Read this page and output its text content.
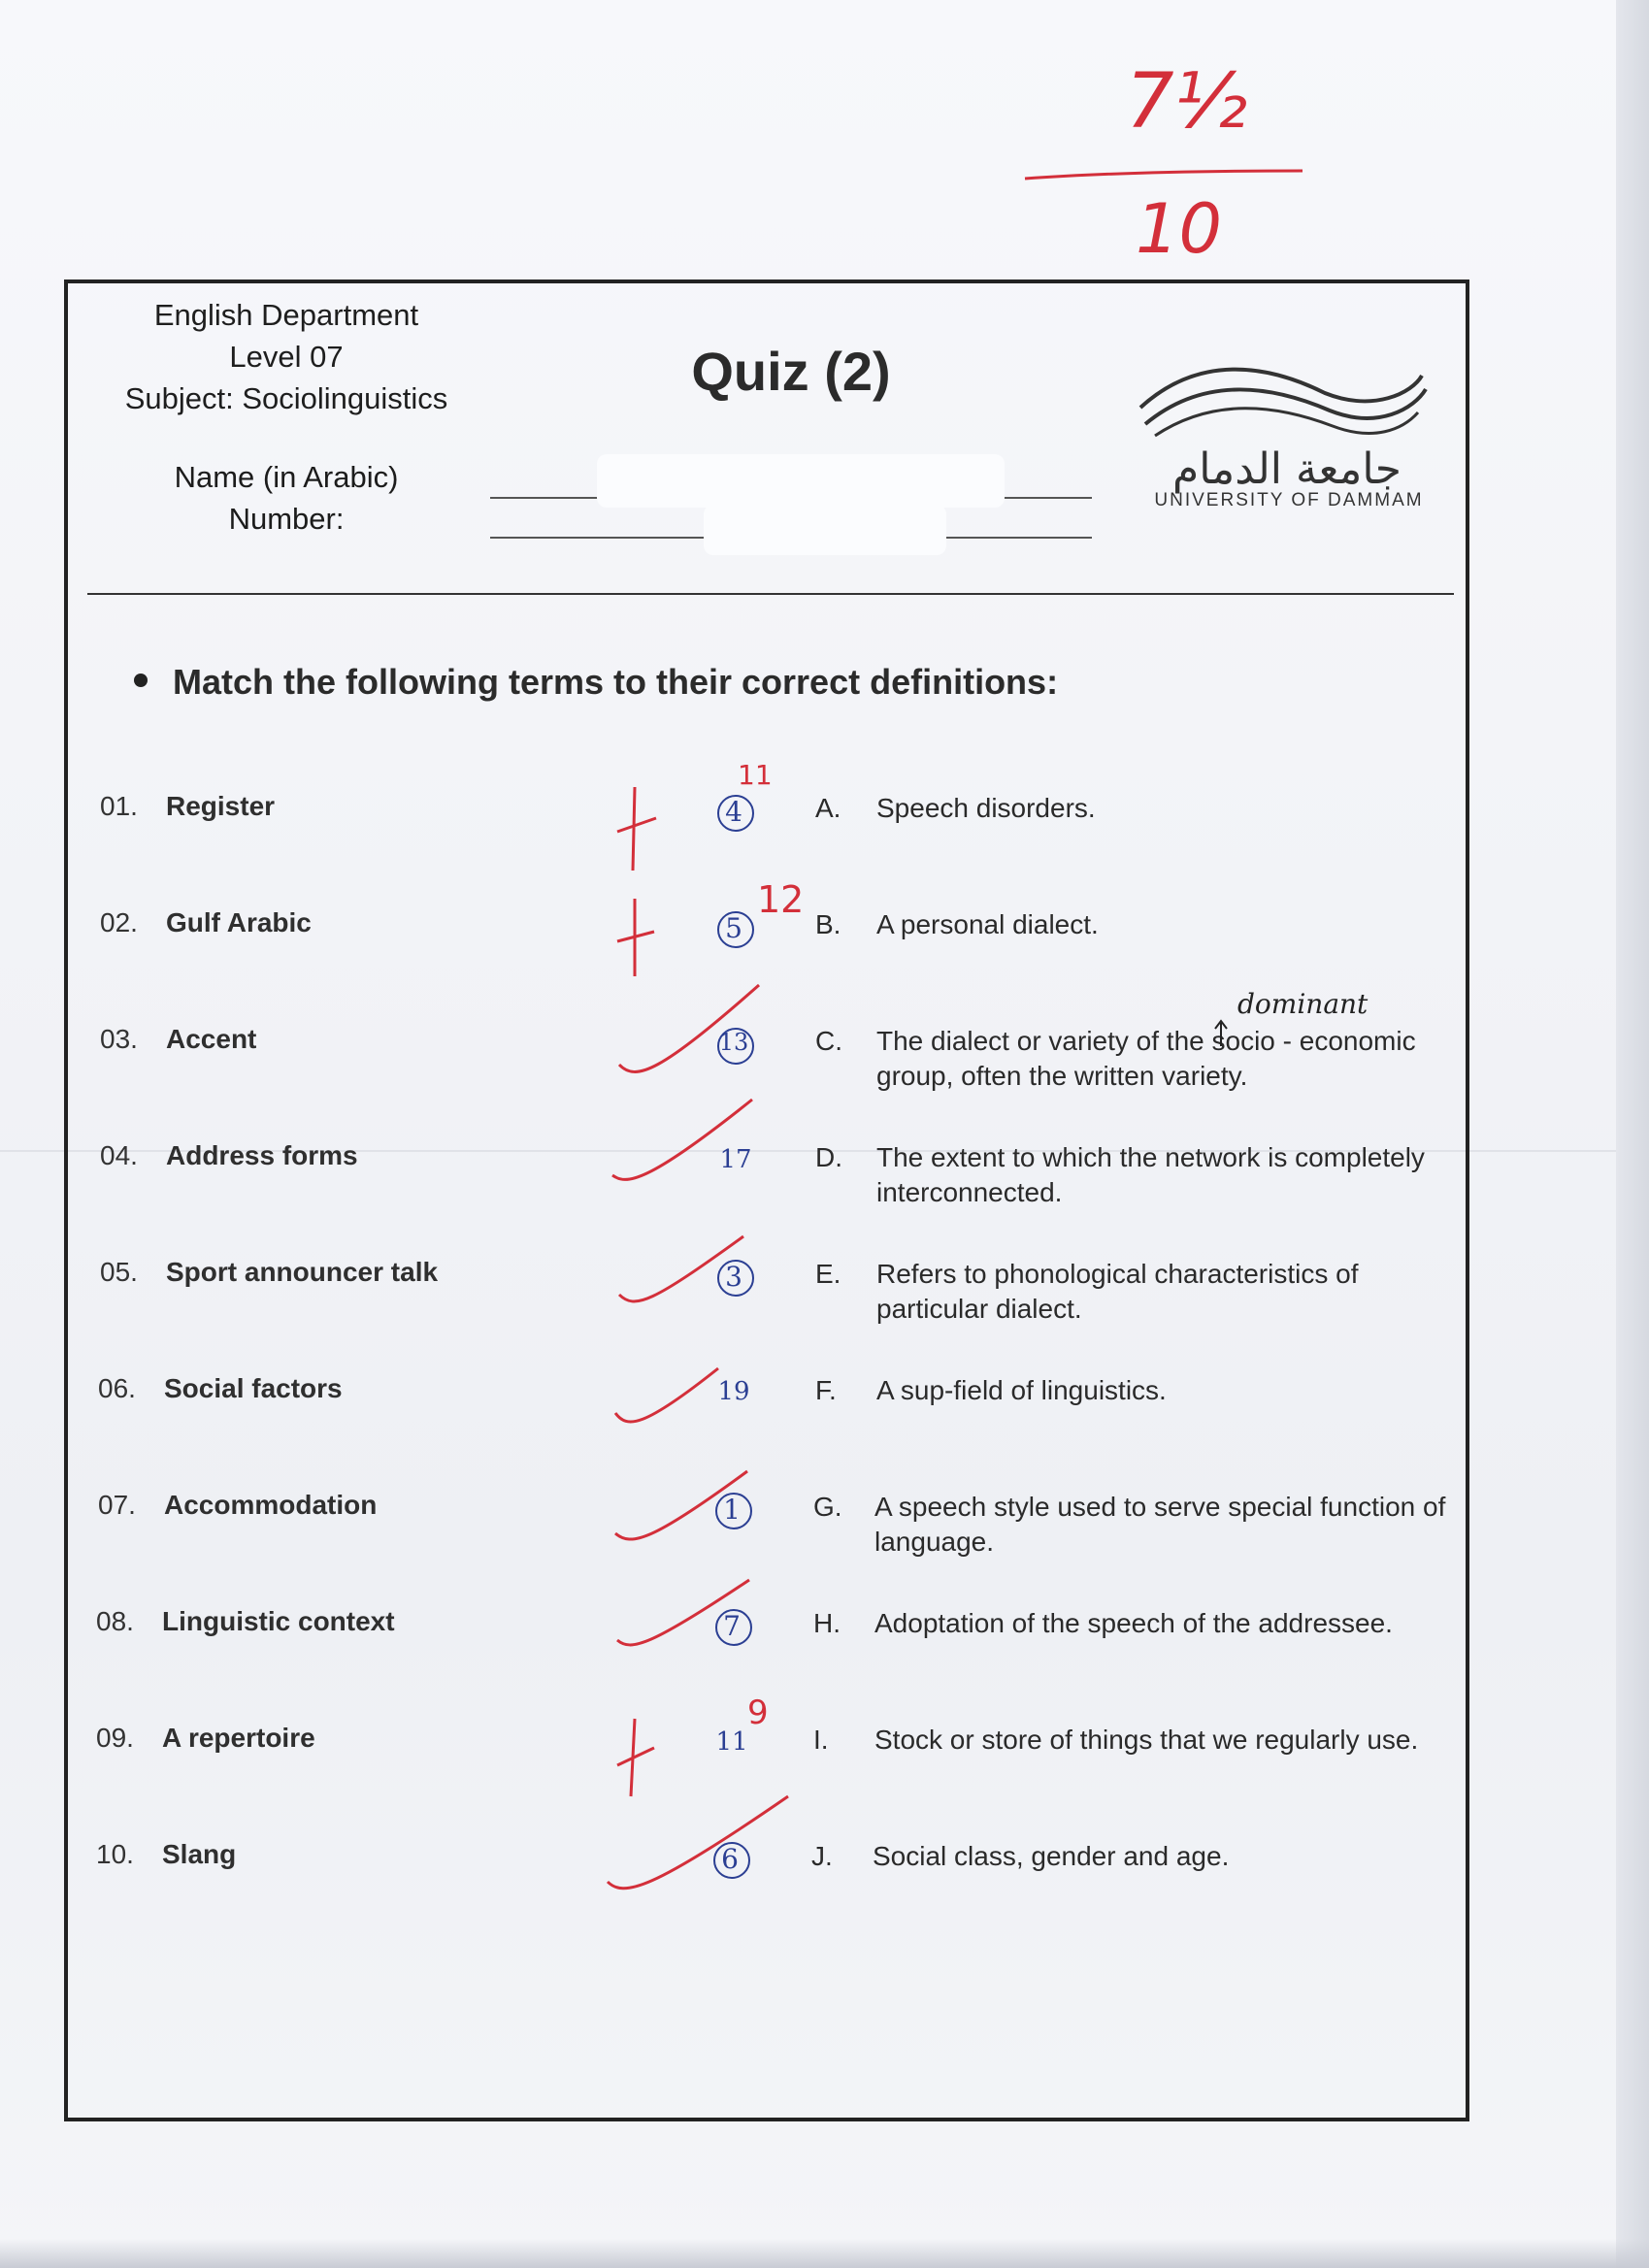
7½
10
English Department
Level 07
Subject: Sociolinguistics	Quiz (2)
Name (in Arabic)
Number:
جامعة الدمام
UNIVERSITY OF DAMMAM
Match the following terms to their correct definitions:
01. Register
02. Gulf Arabic
03. Accent
04. Address forms
05. Sport announcer talk
06. Social factors
07. Accommodation
08. Linguistic context
09. A repertoire
10. Slang
A. Speech disorders.
B. A personal dialect.
C. The dialect or variety of the socio - economic group, often the written variety.
D. The extent to which the network is completely interconnected.
E. Refers to phonological characteristics of particular dialect.
F. A sup-field of linguistics.
G. A speech style used to serve special function of language.
H. Adoptation of the speech of the addressee.
I. Stock or store of things that we regularly use.
J. Social class, gender and age.
dominant
4
5
13
17
3
19
1
7
11
6
11
12
9
